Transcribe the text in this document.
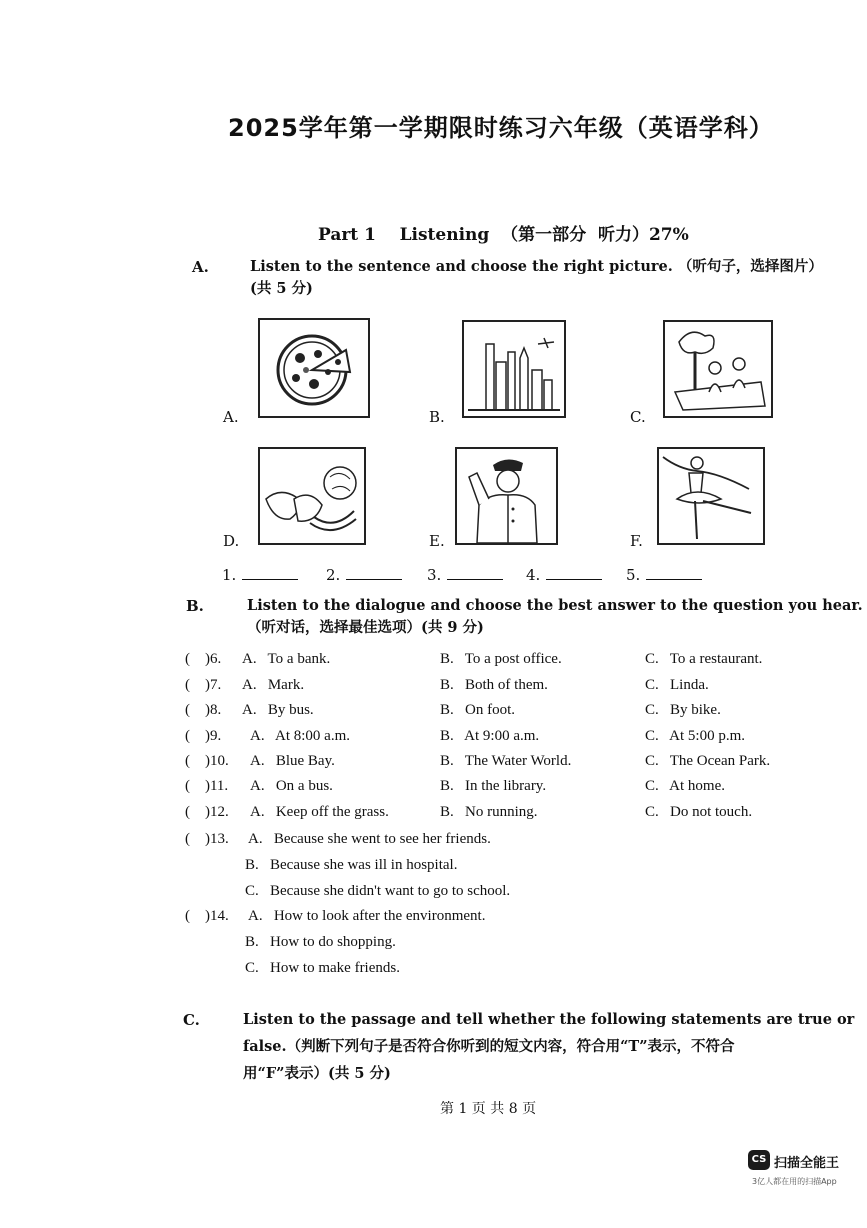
2025学年第一学期限时练习六年级（英语学科）
Part 1    Listening  （第一部分  听力）27%
A.	Listen to the sentence and choose the right picture. （听句子，选择图片）
(共 5 分)
A.	B.	C.
D.	E.	F.
1.	2.	3.	4.	5.
B.	Listen to the dialogue and choose the best answer to the question you hear.
（听对话，选择最佳选项）(共 9 分)
(    )6. A.   To a bank.	B.   To a post office.	C.   To a restaurant.
(    )7. A.   Mark.	B.   Both of them.	C.   Linda.
(    )8. A.   By bus.	B.   On foot.	C.   By bike.
(    )9. A.   At 8:00 a.m.	B.   At 9:00 a.m.	C.   At 5:00 p.m.
(    )10. A.   Blue Bay.	B.   The Water World.	C.   The Ocean Park.
(    )11. A.   On a bus.	B.   In the library.	C.   At home.
(    )12. A.   Keep off the grass.	B.   No running.	C.   Do not touch.
(    )13. A.   Because she went to see her friends.
B.   Because she was ill in hospital.
C.   Because she didn't want to go to school.
(    )14. A.   How to look after the environment.
B.   How to do shopping.
C.   How to make friends.
C.	Listen to the passage and tell whether the following statements are true or
false.（判断下列句子是否符合你听到的短文内容，符合用“T”表示，不符合
用“F”表示）(共 5 分)
第 1 页 共 8 页
CS 扫描全能王
3亿人都在用的扫描App
